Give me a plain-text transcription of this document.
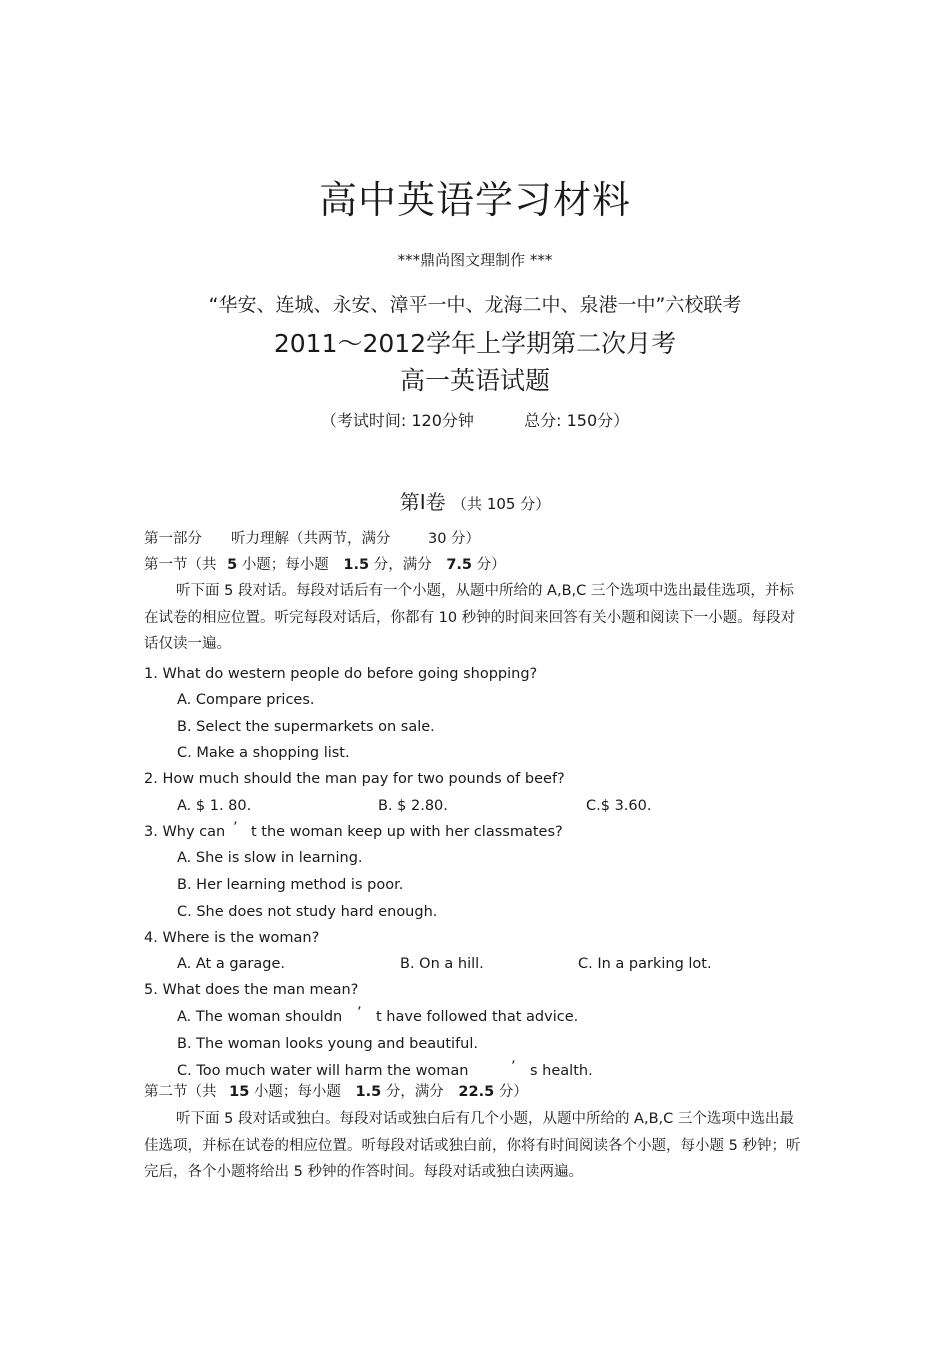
高中英语学习材料
***鼎尚图文理制作 ***
“华安、连城、永安、漳平一中、龙海二中、泉港一中”六校联考
2011～2012学年上学期第二次月考
高一英语试题
（考试时间: 120分钟	总分: 150分）
第Ⅰ卷 （共 105 分）
第一部分 听力理解（共两节，满分	30 分）
第一节（共 5 小题；每小题 1.5 分，满分 7.5 分）
听下面 5 段对话。每段对话后有一个小题，从题中所给的 A,B,C 三个选项中选出最佳选项，并标在试卷的相应位置。听完每段对话后，你都有 10 秒钟的时间来回答有关小题和阅读下一小题。每段对话仅读一遍。
1. What do western people do before going shopping?
A. Compare prices.
B. Select the supermarkets on sale.
C. Make a shopping list.
2. How much should the man pay for two pounds of beef?
A. $ 1. 80.	B. $ 2.80.	C.$ 3.60.
3. Why can ’ t the woman keep up with her classmates?
A. She is slow in learning.
B. Her learning method is poor.
C. She does not study hard enough.
4. Where is the woman?
A. At a garage.	B. On a hill.	C. In a parking lot.
5. What does the man mean?
A. The woman shouldn ’ t have followed that advice.
B. The woman looks young and beautiful.
C. Too much water will harm the woman	’ s health.
第二节（共 15 小题；每小题 1.5 分，满分 22.5 分）
听下面 5 段对话或独白。每段对话或独白后有几个小题，从题中所给的 A,B,C 三个选项中选出最佳选项，并标在试卷的相应位置。听每段对话或独白前，你将有时间阅读各个小题，每小题 5 秒钟；听完后，各个小题将给出 5 秒钟的作答时间。每段对话或独白读两遍。
